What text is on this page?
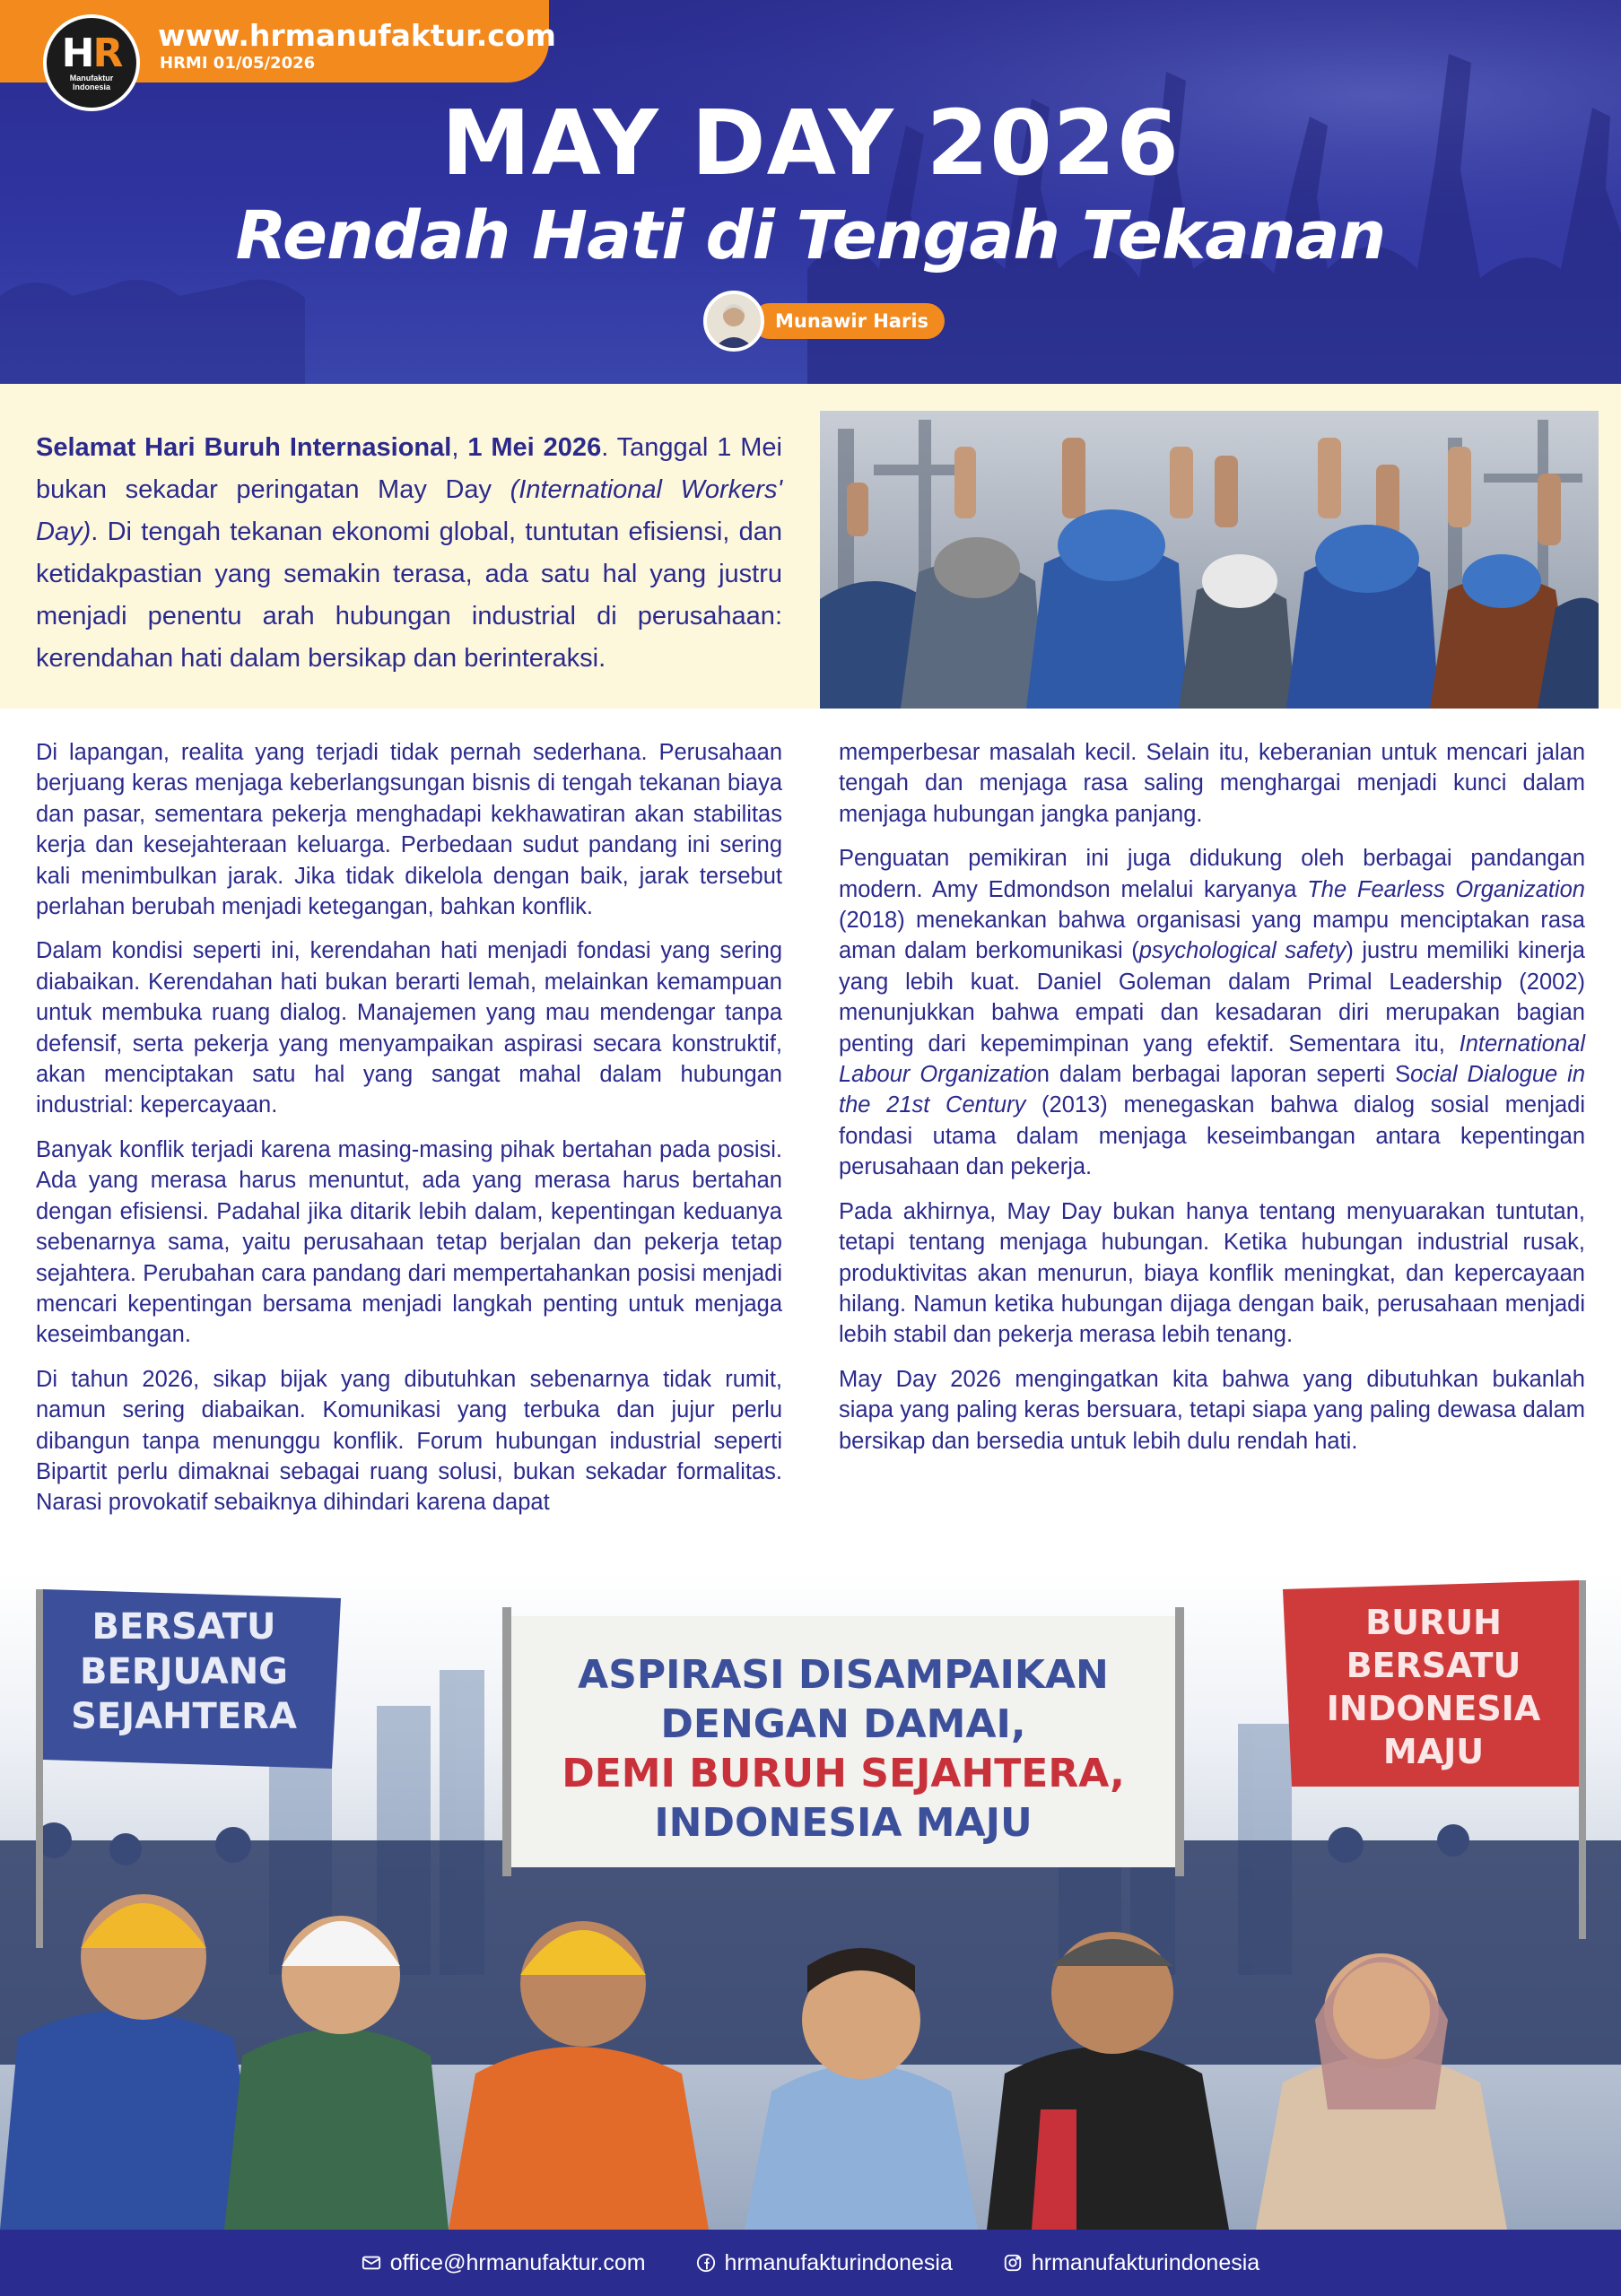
HR
Manufaktur
Indonesia
www.hrmanufaktur.com
HRMI 01/05/2026
MAY DAY 2026
Rendah Hati di Tengah Tekanan
Munawir Haris

Selamat Hari Buruh Internasional, 1 Mei 2026. Tanggal 1 Mei bukan sekadar peringatan May Day (International Workers' Day). Di tengah tekanan ekonomi global, tuntutan efisiensi, dan ketidakpastian yang semakin terasa, ada satu hal yang justru menjadi penentu arah hubungan industrial di perusahaan: kerendahan hati dalam bersikap dan berinteraksi.

Di lapangan, realita yang terjadi tidak pernah sederhana. Perusahaan berjuang keras menjaga keberlangsungan bisnis di tengah tekanan biaya dan pasar, sementara pekerja menghadapi kekhawatiran akan stabilitas kerja dan kesejahteraan keluarga. Perbedaan sudut pandang ini sering kali menimbulkan jarak. Jika tidak dikelola dengan baik, jarak tersebut perlahan berubah menjadi ketegangan, bahkan konflik.

Dalam kondisi seperti ini, kerendahan hati menjadi fondasi yang sering diabaikan. Kerendahan hati bukan berarti lemah, melainkan kemampuan untuk membuka ruang dialog. Manajemen yang mau mendengar tanpa defensif, serta pekerja yang menyampaikan aspirasi secara konstruktif, akan menciptakan satu hal yang sangat mahal dalam hubungan industrial: kepercayaan.

Banyak konflik terjadi karena masing-masing pihak bertahan pada posisi. Ada yang merasa harus menuntut, ada yang merasa harus bertahan dengan efisiensi. Padahal jika ditarik lebih dalam, kepentingan keduanya sebenarnya sama, yaitu perusahaan tetap berjalan dan pekerja tetap sejahtera. Perubahan cara pandang dari mempertahankan posisi menjadi mencari kepentingan bersama menjadi langkah penting untuk menjaga keseimbangan.

Di tahun 2026, sikap bijak yang dibutuhkan sebenarnya tidak rumit, namun sering diabaikan. Komunikasi yang terbuka dan jujur perlu dibangun tanpa menunggu konflik. Forum hubungan industrial seperti Bipartit perlu dimaknai sebagai ruang solusi, bukan sekadar formalitas. Narasi provokatif sebaiknya dihindari karena dapat

memperbesar masalah kecil. Selain itu, keberanian untuk mencari jalan tengah dan menjaga rasa saling menghargai menjadi kunci dalam menjaga hubungan jangka panjang.

Penguatan pemikiran ini juga didukung oleh berbagai pandangan modern. Amy Edmondson melalui karyanya The Fearless Organization (2018) menekankan bahwa organisasi yang mampu menciptakan rasa aman dalam berkomunikasi (psychological safety) justru memiliki kinerja yang lebih kuat. Daniel Goleman dalam Primal Leadership (2002) menunjukkan bahwa empati dan kesadaran diri merupakan bagian penting dari kepemimpinan yang efektif. Sementara itu, International Labour Organization dalam berbagai laporan seperti Social Dialogue in the 21st Century (2013) menegaskan bahwa dialog sosial menjadi fondasi utama dalam menjaga keseimbangan antara kepentingan perusahaan dan pekerja.

Pada akhirnya, May Day bukan hanya tentang menyuarakan tuntutan, tetapi tentang menjaga hubungan. Ketika hubungan industrial rusak, produktivitas akan menurun, biaya konflik meningkat, dan kepercayaan hilang. Namun ketika hubungan dijaga dengan baik, perusahaan menjadi lebih stabil dan pekerja merasa lebih tenang.

May Day 2026 mengingatkan kita bahwa yang dibutuhkan bukanlah siapa yang paling keras bersuara, tetapi siapa yang paling dewasa dalam bersikap dan bersedia untuk lebih dulu rendah hati.

BERSATU
BERJUANG
SEJAHTERA
ASPIRASI DISAMPAIKAN
DENGAN DAMAI,
DEMI BURUH SEJAHTERA,
INDONESIA MAJU
BURUH
BERSATU
INDONESIA
MAJU
office@hrmanufaktur.com	hrmanufakturindonesia	hrmanufakturindonesia
